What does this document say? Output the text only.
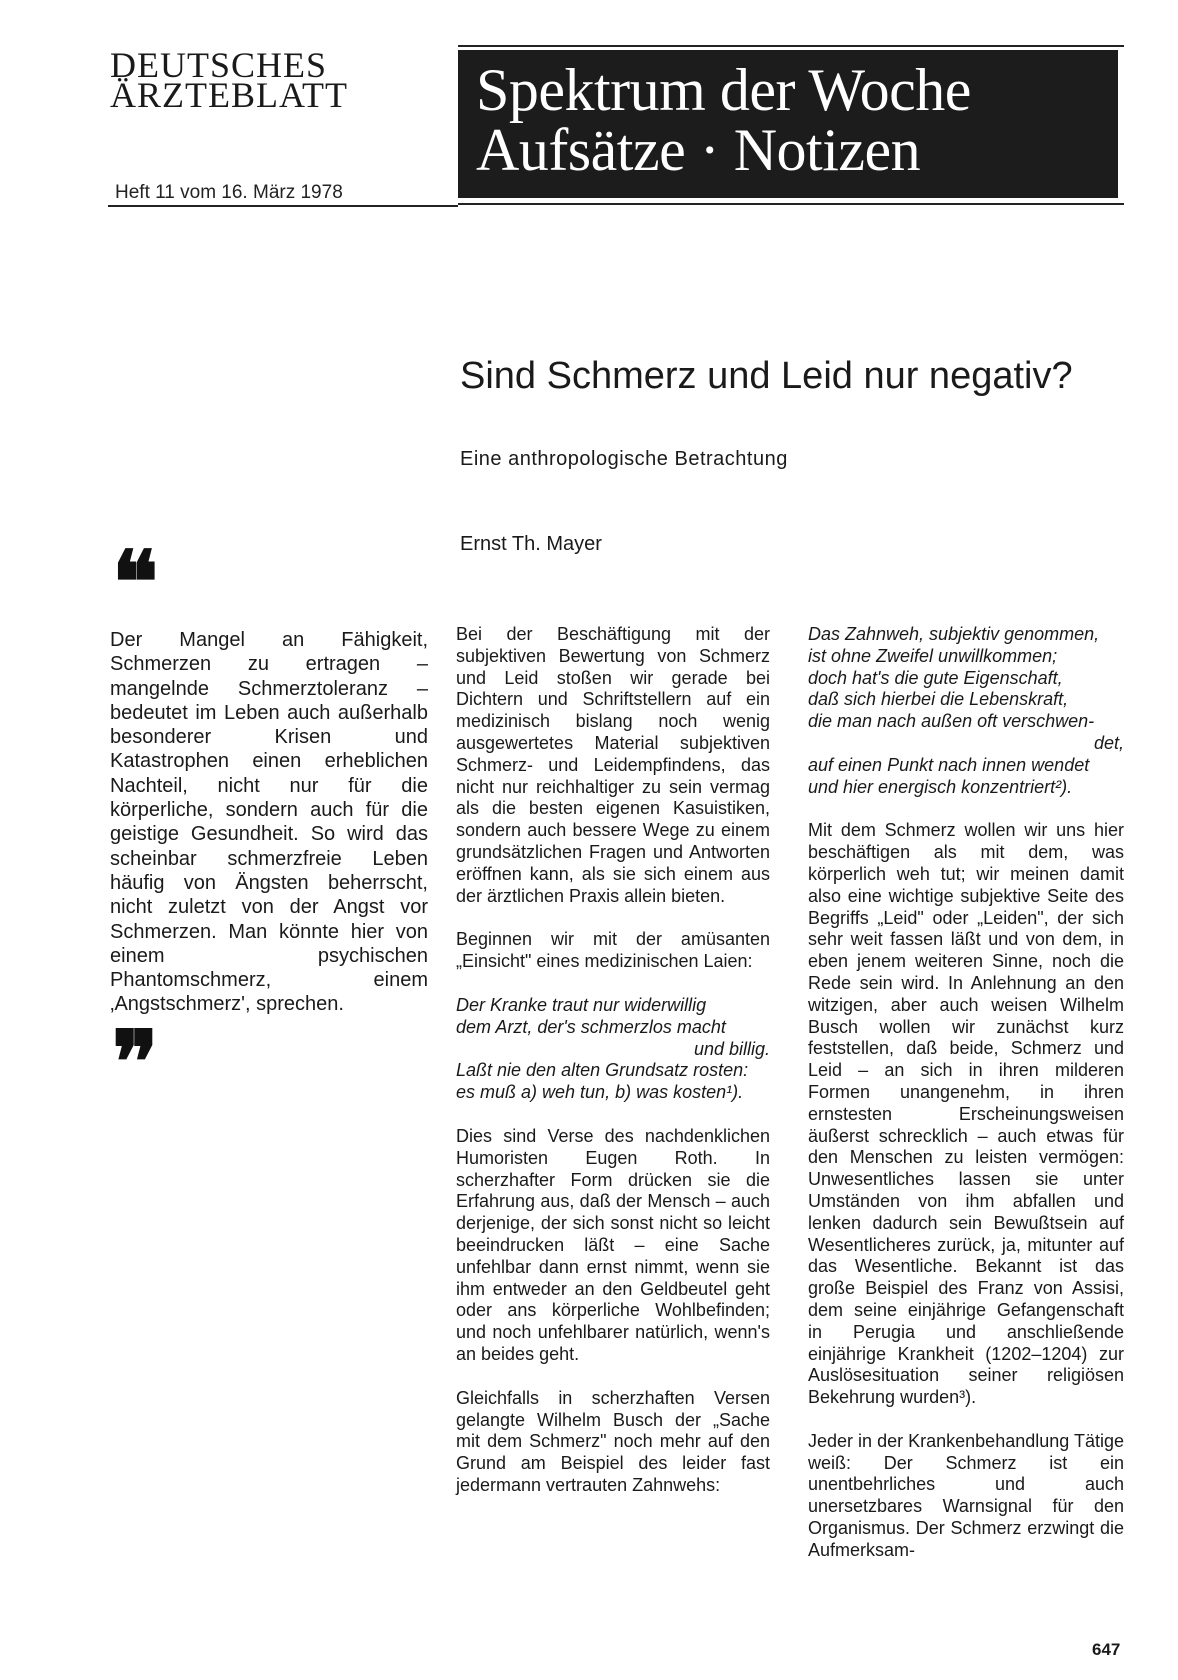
DEUTSCHES
ÄRZTEBLATT
Heft 11 vom 16. März 1978
Spektrum der Woche
Aufsätze · Notizen
Sind Schmerz und Leid nur negativ?
Eine anthropologische Betrachtung
Ernst Th. Mayer
❝

Der Mangel an Fähigkeit, Schmerzen zu ertragen – mangelnde Schmerztoleranz – bedeutet im Leben auch außerhalb besonderer Krisen und Katastrophen einen erheblichen Nachteil, nicht nur für die körperliche, sondern auch für die geistige Gesundheit. So wird das scheinbar schmerzfreie Leben häufig von Ängsten beherrscht, nicht zuletzt von der Angst vor Schmerzen. Man könnte hier von einem psychischen Phantomschmerz, einem ‚Angstschmerz', sprechen.

❞

Bei der Beschäftigung mit der subjektiven Bewertung von Schmerz und Leid stoßen wir gerade bei Dichtern und Schriftstellern auf ein medizinisch bislang noch wenig ausgewertetes Material subjektiven Schmerz- und Leidempfindens, das nicht nur reichhaltiger zu sein vermag als die besten eigenen Kasuistiken, sondern auch bessere Wege zu einem grundsätzlichen Fragen und Antworten eröffnen kann, als sie sich einem aus der ärztlichen Praxis allein bieten.

Beginnen wir mit der amüsanten „Einsicht" eines medizinischen Laien:

Der Kranke traut nur widerwillig
dem Arzt, der's schmerzlos macht
und billig.
Laßt nie den alten Grundsatz rosten:
es muß a) weh tun, b) was kosten¹).

Dies sind Verse des nachdenklichen Humoristen Eugen Roth. In scherzhafter Form drücken sie die Erfahrung aus, daß der Mensch – auch derjenige, der sich sonst nicht so leicht beeindrucken läßt – eine Sache unfehlbar dann ernst nimmt, wenn sie ihm entweder an den Geldbeutel geht oder ans körperliche Wohlbefinden; und noch unfehlbarer natürlich, wenn's an beides geht.

Gleichfalls in scherzhaften Versen gelangte Wilhelm Busch der „Sache mit dem Schmerz" noch mehr auf den Grund am Beispiel des leider fast jedermann vertrauten Zahnwehs:

Das Zahnweh, subjektiv genommen,
ist ohne Zweifel unwillkommen;
doch hat's die gute Eigenschaft,
daß sich hierbei die Lebenskraft,
die man nach außen oft verschwen-
det,
auf einen Punkt nach innen wendet
und hier energisch konzentriert²).

Mit dem Schmerz wollen wir uns hier beschäftigen als mit dem, was körperlich weh tut; wir meinen damit also eine wichtige subjektive Seite des Begriffs „Leid" oder „Leiden", der sich sehr weit fassen läßt und von dem, in eben jenem weiteren Sinne, noch die Rede sein wird. In Anlehnung an den witzigen, aber auch weisen Wilhelm Busch wollen wir zunächst kurz feststellen, daß beide, Schmerz und Leid – an sich in ihren milderen Formen unangenehm, in ihren ernstesten Erscheinungsweisen äußerst schrecklich – auch etwas für den Menschen zu leisten vermögen: Unwesentliches lassen sie unter Umständen von ihm abfallen und lenken dadurch sein Bewußtsein auf Wesentlicheres zurück, ja, mitunter auf das Wesentliche. Bekannt ist das große Beispiel des Franz von Assisi, dem seine einjährige Gefangenschaft in Perugia und anschließende einjährige Krankheit (1202–1204) zur Auslösesituation seiner religiösen Bekehrung wurden³).

Jeder in der Krankenbehandlung Tätige weiß: Der Schmerz ist ein unentbehrliches und auch unersetzbares Warnsignal für den Organismus. Der Schmerz erzwingt die Aufmerksam-

647
